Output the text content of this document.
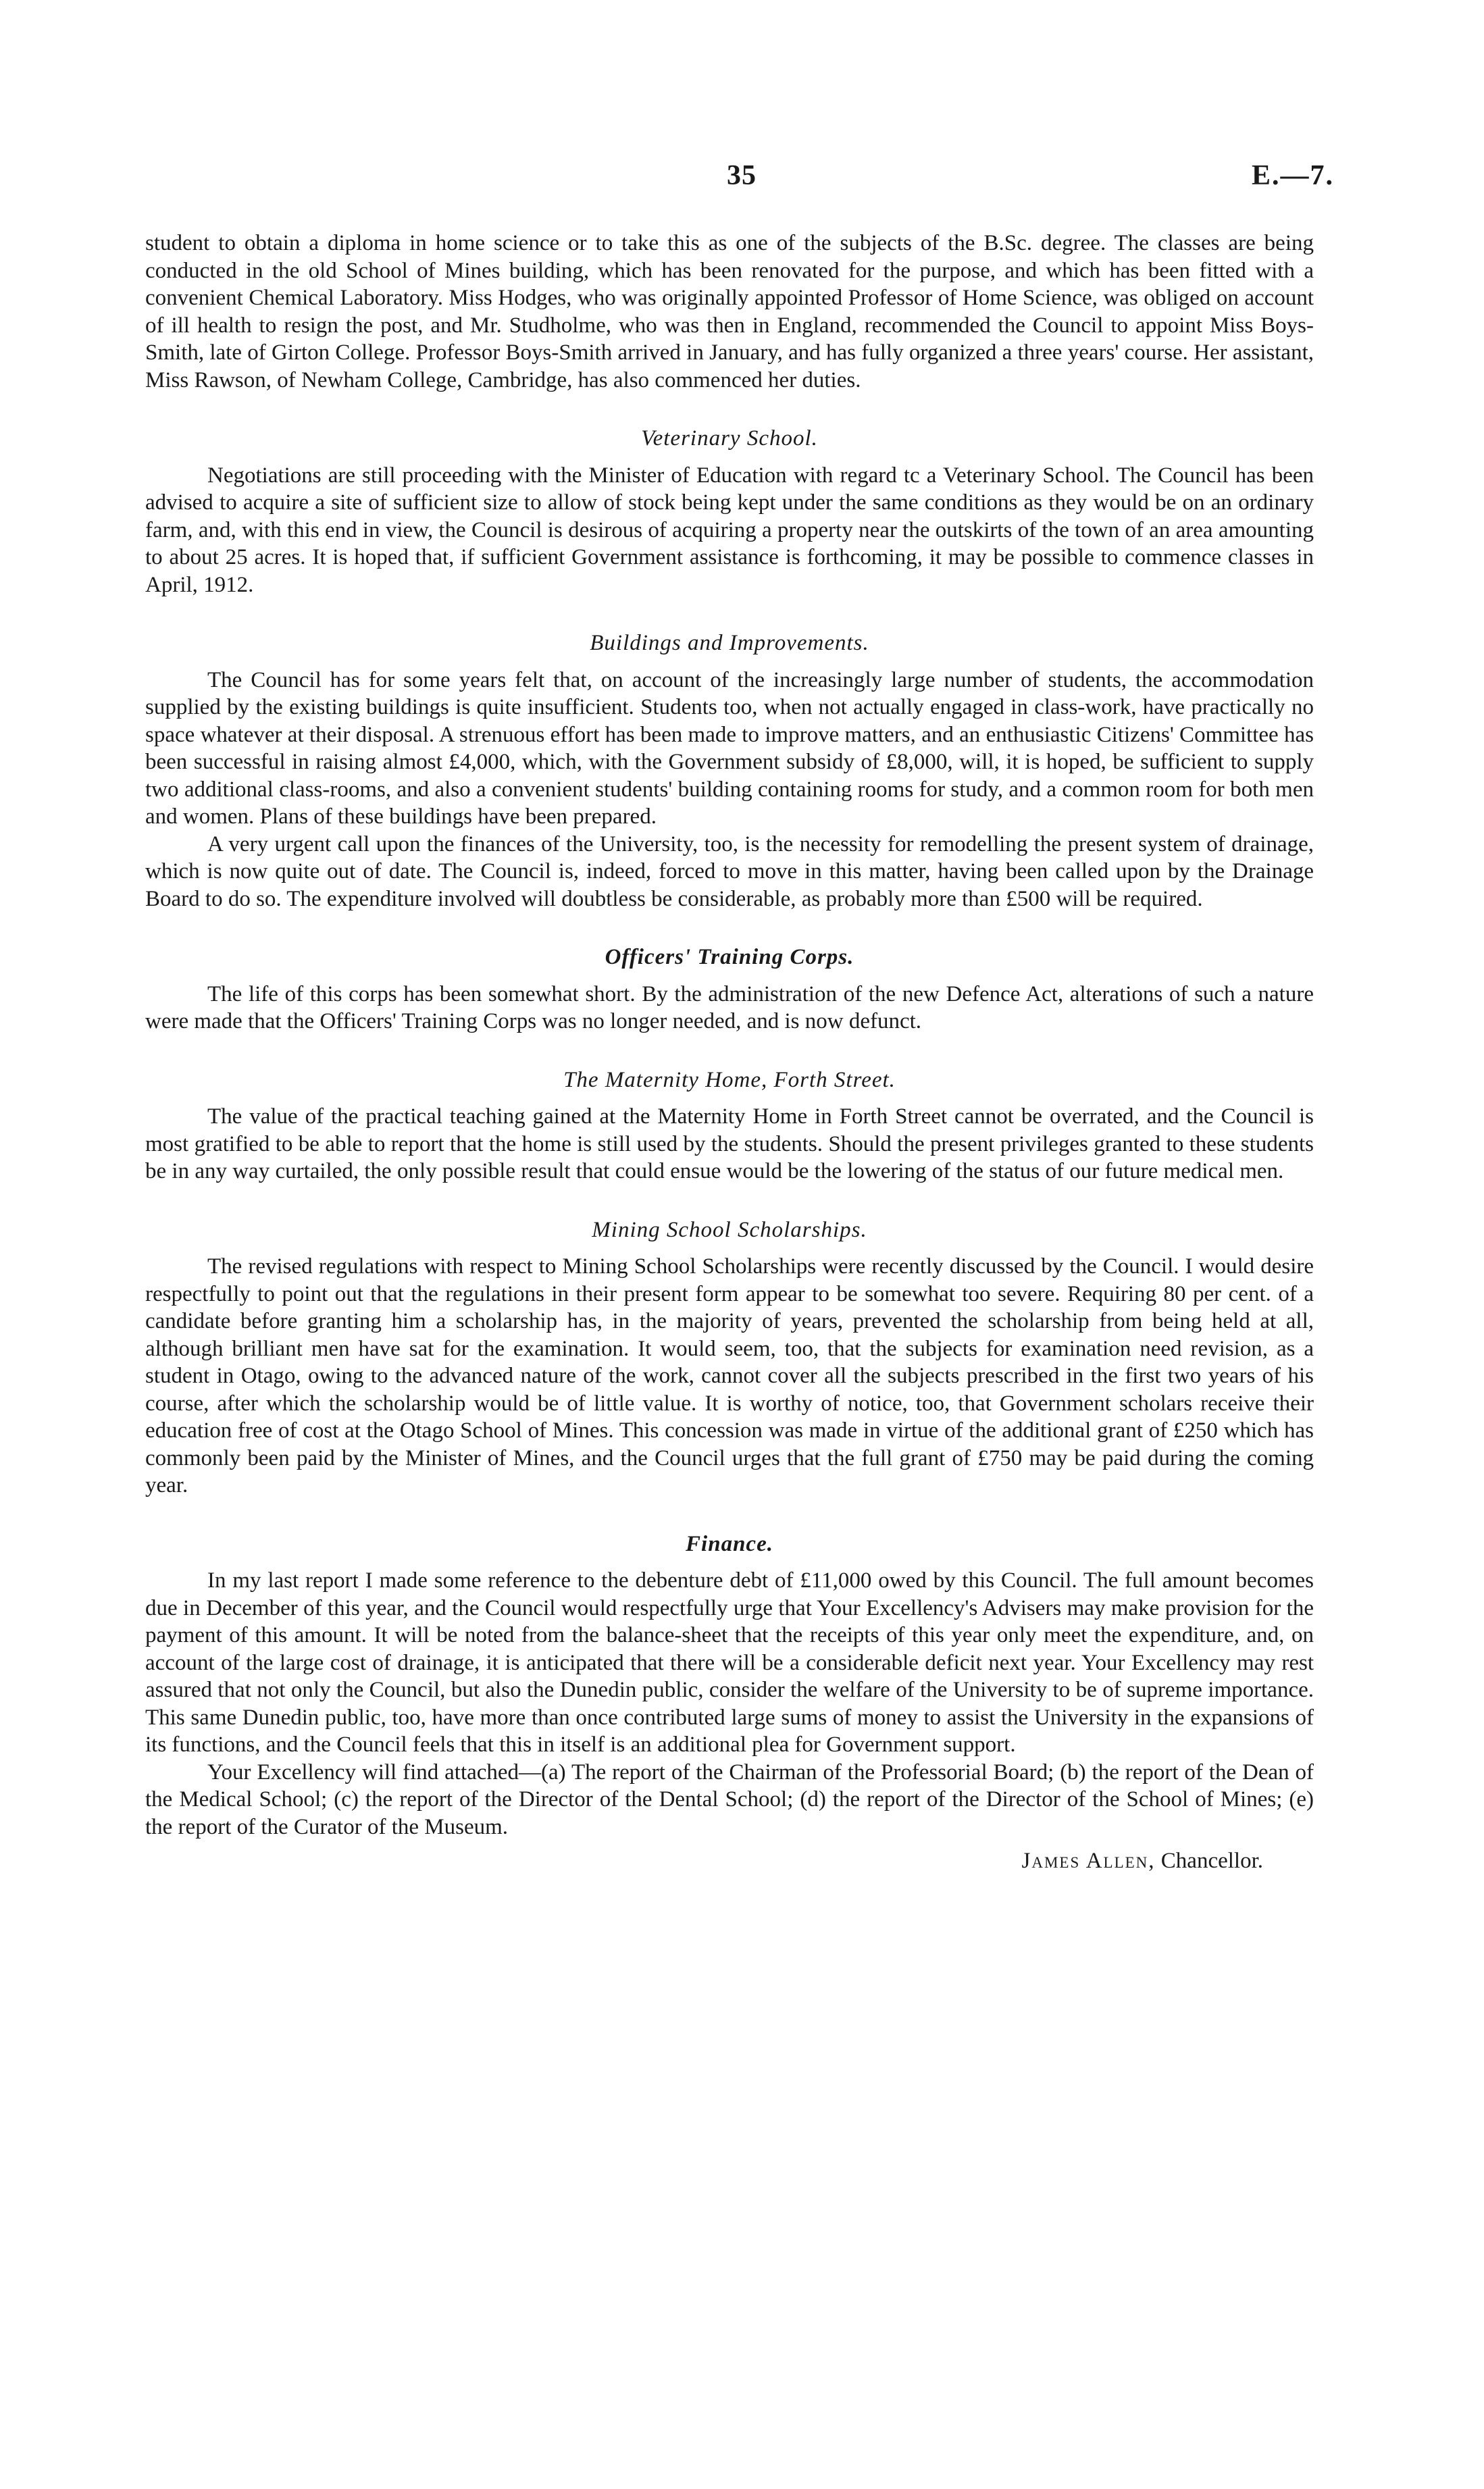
35	E.—7.

student to obtain a diploma in home science or to take this as one of the subjects of the B.Sc. degree. The classes are being conducted in the old School of Mines building, which has been renovated for the purpose, and which has been fitted with a convenient Chemical Laboratory. Miss Hodges, who was originally appointed Professor of Home Science, was obliged on account of ill health to resign the post, and Mr. Studholme, who was then in England, recommended the Council to appoint Miss Boys-Smith, late of Girton College. Professor Boys-Smith arrived in January, and has fully organized a three years' course. Her assistant, Miss Rawson, of Newham College, Cambridge, has also commenced her duties.

Veterinary School.

Negotiations are still proceeding with the Minister of Education with regard tc a Veterinary School. The Council has been advised to acquire a site of sufficient size to allow of stock being kept under the same conditions as they would be on an ordinary farm, and, with this end in view, the Council is desirous of acquiring a property near the outskirts of the town of an area amounting to about 25 acres. It is hoped that, if sufficient Government assistance is forthcoming, it may be possible to commence classes in April, 1912.

Buildings and Improvements.

The Council has for some years felt that, on account of the increasingly large number of students, the accommodation supplied by the existing buildings is quite insufficient. Students too, when not actually engaged in class-work, have practically no space whatever at their disposal. A strenuous effort has been made to improve matters, and an enthusiastic Citizens' Committee has been successful in raising almost £4,000, which, with the Government subsidy of £8,000, will, it is hoped, be sufficient to supply two additional class-rooms, and also a convenient students' building containing rooms for study, and a common room for both men and women. Plans of these buildings have been prepared.

A very urgent call upon the finances of the University, too, is the necessity for remodelling the present system of drainage, which is now quite out of date. The Council is, indeed, forced to move in this matter, having been called upon by the Drainage Board to do so. The expenditure involved will doubtless be considerable, as probably more than £500 will be required.

Officers' Training Corps.

The life of this corps has been somewhat short. By the administration of the new Defence Act, alterations of such a nature were made that the Officers' Training Corps was no longer needed, and is now defunct.

The Maternity Home, Forth Street.

The value of the practical teaching gained at the Maternity Home in Forth Street cannot be overrated, and the Council is most gratified to be able to report that the home is still used by the students. Should the present privileges granted to these students be in any way curtailed, the only possible result that could ensue would be the lowering of the status of our future medical men.

Mining School Scholarships.

The revised regulations with respect to Mining School Scholarships were recently discussed by the Council. I would desire respectfully to point out that the regulations in their present form appear to be somewhat too severe. Requiring 80 per cent. of a candidate before granting him a scholarship has, in the majority of years, prevented the scholarship from being held at all, although brilliant men have sat for the examination. It would seem, too, that the subjects for examination need revision, as a student in Otago, owing to the advanced nature of the work, cannot cover all the subjects prescribed in the first two years of his course, after which the scholarship would be of little value. It is worthy of notice, too, that Government scholars receive their education free of cost at the Otago School of Mines. This concession was made in virtue of the additional grant of £250 which has commonly been paid by the Minister of Mines, and the Council urges that the full grant of £750 may be paid during the coming year.

Finance.

In my last report I made some reference to the debenture debt of £11,000 owed by this Council. The full amount becomes due in December of this year, and the Council would respectfully urge that Your Excellency's Advisers may make provision for the payment of this amount. It will be noted from the balance-sheet that the receipts of this year only meet the expenditure, and, on account of the large cost of drainage, it is anticipated that there will be a considerable deficit next year. Your Excellency may rest assured that not only the Council, but also the Dunedin public, consider the welfare of the University to be of supreme importance. This same Dunedin public, too, have more than once contributed large sums of money to assist the University in the expansions of its functions, and the Council feels that this in itself is an additional plea for Government support.

Your Excellency will find attached—(a) The report of the Chairman of the Professorial Board; (b) the report of the Dean of the Medical School; (c) the report of the Director of the Dental School; (d) the report of the Director of the School of Mines; (e) the report of the Curator of the Museum.

James Allen, Chancellor.
